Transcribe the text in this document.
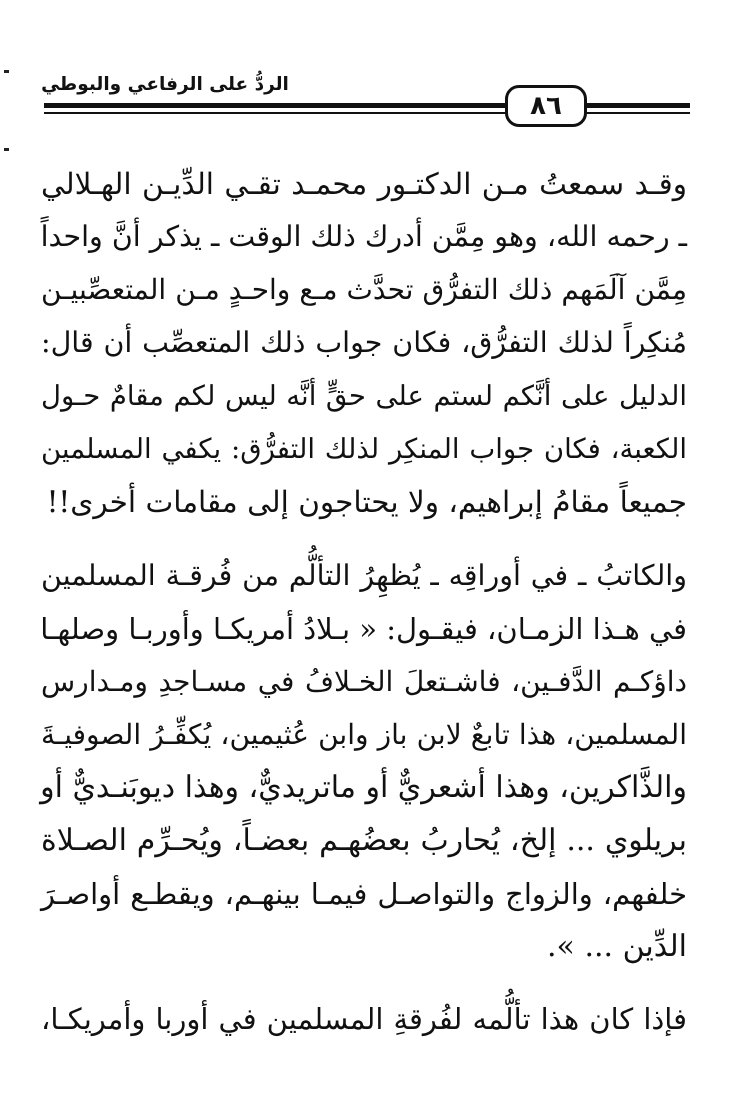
الردُّ على الرفاعي والبوطي
٨٦
وقـد سمعتُ مـن الدكتـور محمـد تقـي الدِّيـن الهـلالي
ـ رحمه الله، وهو مِمَّن أدرك ذلك الوقت ـ يذكر أنَّ واحداً
مِمَّن آلَمَهم ذلك التفرُّق تحدَّث مـع واحـدٍ مـن المتعصِّبيـن
مُنكِراً لذلك التفرُّق، فكان جواب ذلك المتعصِّب أن قال:
الدليل على أنَّكم لستم على حقٍّ أنَّه ليس لكم مقامٌ حـول
الكعبة، فكان جواب المنكِر لذلك التفرُّق: يكفي المسلمين
جميعاً مقامُ إبراهيم، ولا يحتاجون إلى مقامات أخرى!!
والكاتبُ ـ في أوراقِه ـ يُظهِرُ التألُّم من فُرقـة المسلمين
في هـذا الزمـان، فيقـول: « بـلادُ أمريكـا وأوربـا وصلهـا
داؤكـم الدَّفـين، فاشـتعلَ الخـلافُ في مسـاجدِ ومـدارس
المسلمين، هذا تابعٌ لابن باز وابن عُثيمين، يُكفِّـرُ الصوفيـةَ
والذَّاكرين، وهذا أشعريٌّ أو ماتريديٌّ، وهذا ديوبَنـديٌّ أو
بريلوي ... إلخ، يُحاربُ بعضُهـم بعضـاً، ويُحـرِّم الصـلاة
خلفهم، والزواج والتواصـل فيمـا بينهـم، ويقطـع أواصـرَ
الدِّين ... ».
فإذا كان هذا تألُّمه لفُرقةِ المسلمين في أوربا وأمريكـا،
